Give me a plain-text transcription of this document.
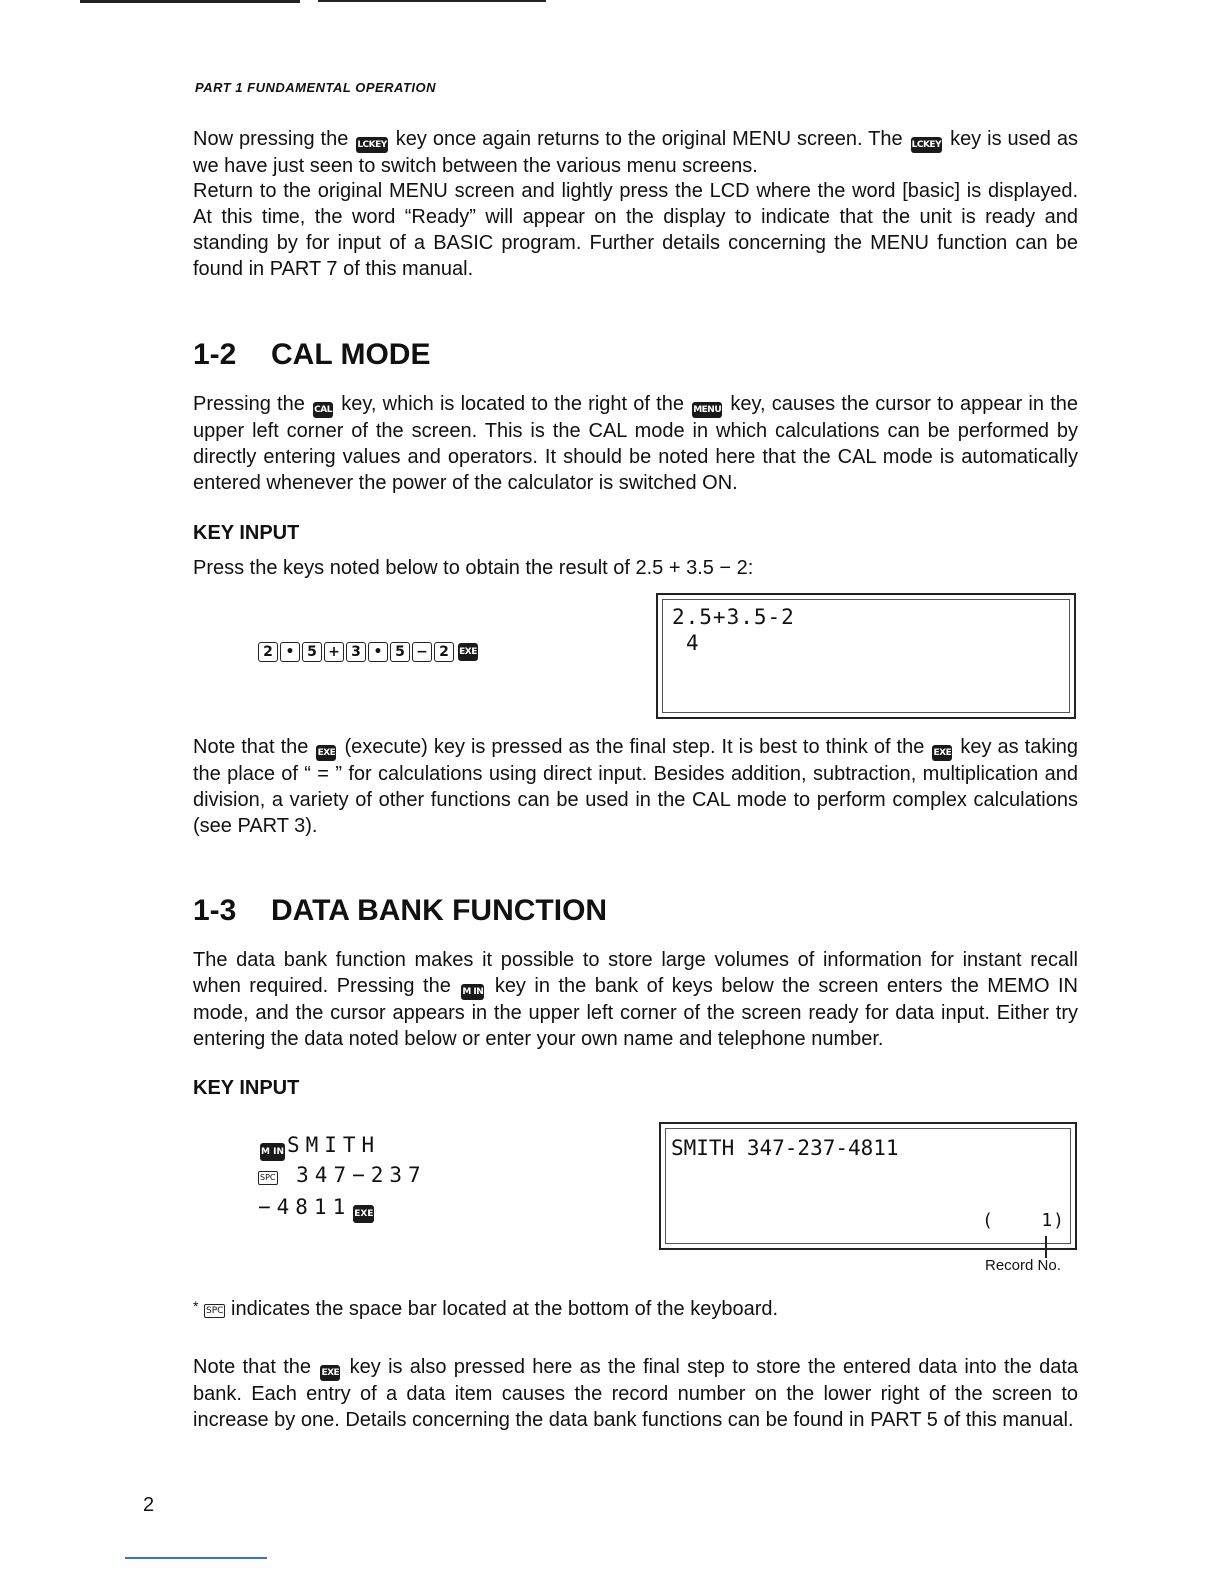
PART 1 FUNDAMENTAL OPERATION

Now pressing the LCKEY key once again returns to the original MENU screen. The LCKEY key is used as we have just seen to switch between the various menu screens.

Return to the original MENU screen and lightly press the LCD where the word [basic] is displayed. At this time, the word “Ready” will appear on the display to indicate that the unit is ready and standing by for input of a BASIC program. Further details concerning the MENU function can be found in PART 7 of this manual.

1-2 CAL MODE

Pressing the CAL key, which is located to the right of the MENU key, causes the cursor to appear in the upper left corner of the screen. This is the CAL mode in which calculations can be performed by directly entering values and operators. It should be noted here that the CAL mode is automatically entered whenever the power of the calculator is switched ON.

KEY INPUT

Press the keys noted below to obtain the result of 2.5 + 3.5 − 2:

2 • 5 + 3 • 5 − 2	EXE
2.5+3.5-2
4

Note that the EXE (execute) key is pressed as the final step. It is best to think of the EXE key as taking the place of “ = ” for calculations using direct input. Besides addition, subtraction, multiplication and division, a variety of other functions can be used in the CAL mode to perform complex calculations (see PART 3).

1-3 DATA BANK FUNCTION

The data bank function makes it possible to store large volumes of information for instant recall when required. Pressing the M IN key in the bank of keys below the screen enters the MEMO IN mode, and the cursor appears in the upper left corner of the screen ready for data input. Either try entering the data noted below or enter your own name and telephone number.

KEY INPUT
M IN SMITH
SPC 347−237
−4811 EXE
SMITH 347-237-4811
(    1)
Record No.

* SPC indicates the space bar located at the bottom of the keyboard.

Note that the EXE key is also pressed here as the final step to store the entered data into the data bank. Each entry of a data item causes the record number on the lower right of the screen to increase by one. Details concerning the data bank functions can be found in PART 5 of this manual.

2
